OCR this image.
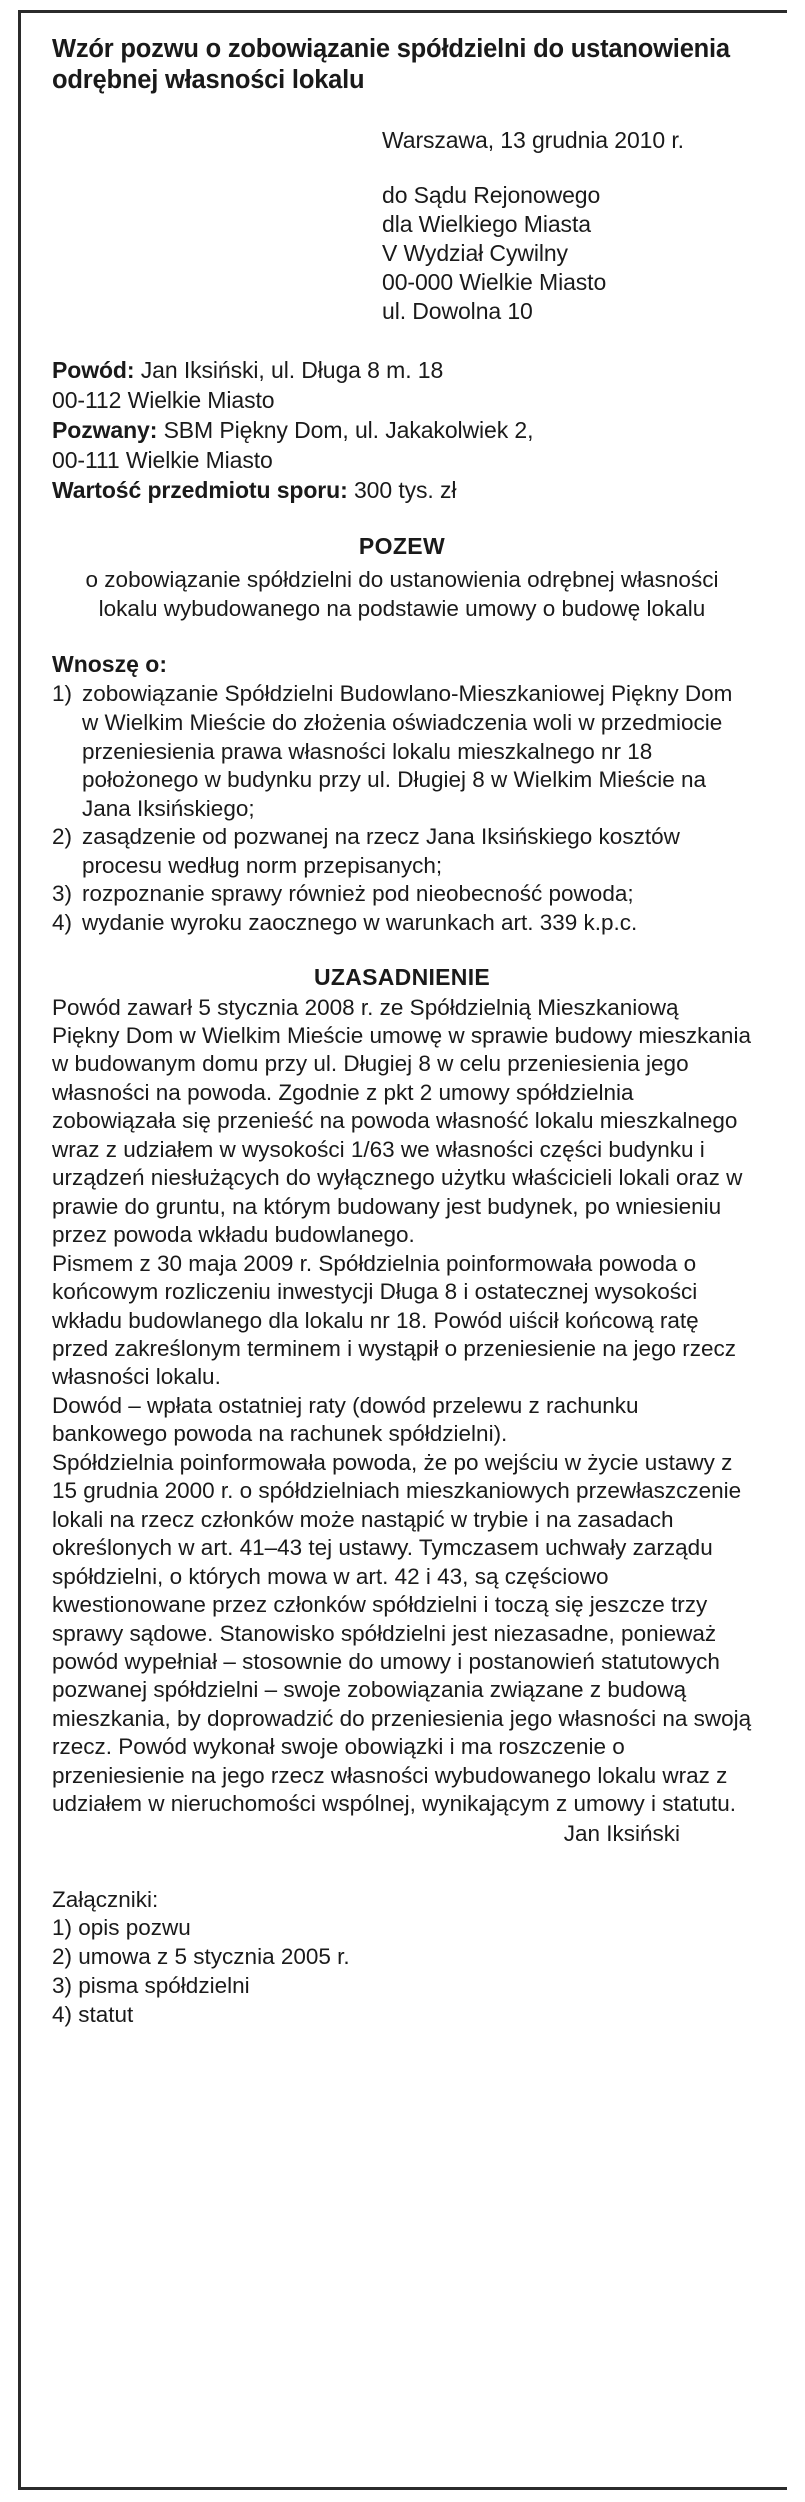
Wzór pozwu o zobowiązanie spółdzielni do ustanowienia odrębnej własności lokalu
Warszawa, 13 grudnia 2010 r.
do Sądu Rejonowego
dla Wielkiego Miasta
V Wydział Cywilny
00-000 Wielkie Miasto
ul. Dowolna 10
Powód: Jan Iksiński, ul. Długa 8 m. 18
00-112 Wielkie Miasto
Pozwany: SBM Piękny Dom, ul. Jakakolwiek 2,
00-111 Wielkie Miasto
Wartość przedmiotu sporu: 300 tys. zł
POZEW
o zobowiązanie spółdzielni do ustanowienia odrębnej własności
lokalu wybudowanego na podstawie umowy o budowę lokalu
Wnoszę o:
1) zobowiązanie Spółdzielni Budowlano-Mieszkaniowej Piękny Dom w Wielkim Mieście do złożenia oświadczenia woli w przedmiocie przeniesienia prawa własności lokalu mieszkalnego nr 18 położonego w budynku przy ul. Długiej 8 w Wielkim Mieście na Jana Iksińskiego;
2) zasądzenie od pozwanej na rzecz Jana Iksińskiego kosztów procesu według norm przepisanych;
3) rozpoznanie sprawy również pod nieobecność powoda;
4) wydanie wyroku zaocznego w warunkach art. 339 k.p.c.
UZASADNIENIE

Powód zawarł 5 stycznia 2008 r. ze Spółdzielnią Mieszkaniową Piękny Dom w Wielkim Mieście umowę w sprawie budowy mieszkania w budowanym domu przy ul. Długiej 8 w celu przeniesienia jego własności na powoda. Zgodnie z pkt 2 umowy spółdzielnia zobowiązała się przenieść na powoda własność lokalu mieszkalnego wraz z udziałem w wysokości 1/63 we własności części budynku i urządzeń niesłużących do wyłącznego użytku właścicieli lokali oraz w prawie do gruntu, na którym budowany jest budynek, po wniesieniu przez powoda wkładu budowlanego.

Pismem z 30 maja 2009 r. Spółdzielnia poinformowała powoda o końcowym rozliczeniu inwestycji Długa 8 i ostatecznej wysokości wkładu budowlanego dla lokalu nr 18. Powód uiścił końcową ratę przed zakreślonym terminem i wystąpił o przeniesienie na jego rzecz własności lokalu.

Dowód – wpłata ostatniej raty (dowód przelewu z rachunku bankowego powoda na rachunek spółdzielni).

Spółdzielnia poinformowała powoda, że po wejściu w życie ustawy z 15 grudnia 2000 r. o spółdzielniach mieszkaniowych przewłaszczenie lokali na rzecz członków może nastąpić w trybie i na zasadach określonych w art. 41–43 tej ustawy. Tymczasem uchwały zarządu spółdzielni, o których mowa w art. 42 i 43, są częściowo kwestionowane przez członków spółdzielni i toczą się jeszcze trzy sprawy sądowe. Stanowisko spółdzielni jest niezasadne, ponieważ powód wypełniał – stosownie do umowy i postanowień statutowych pozwanej spółdzielni – swoje zobowiązania związane z budową mieszkania, by doprowadzić do przeniesienia jego własności na swoją rzecz. Powód wykonał swoje obowiązki i ma roszczenie o przeniesienie na jego rzecz własności wybudowanego lokalu wraz z udziałem w nieruchomości wspólnej, wynikającym z umowy i statutu.

Jan Iksiński
Załączniki:
1) opis pozwu
2) umowa z 5 stycznia 2005 r.
3) pisma spółdzielni
4) statut
